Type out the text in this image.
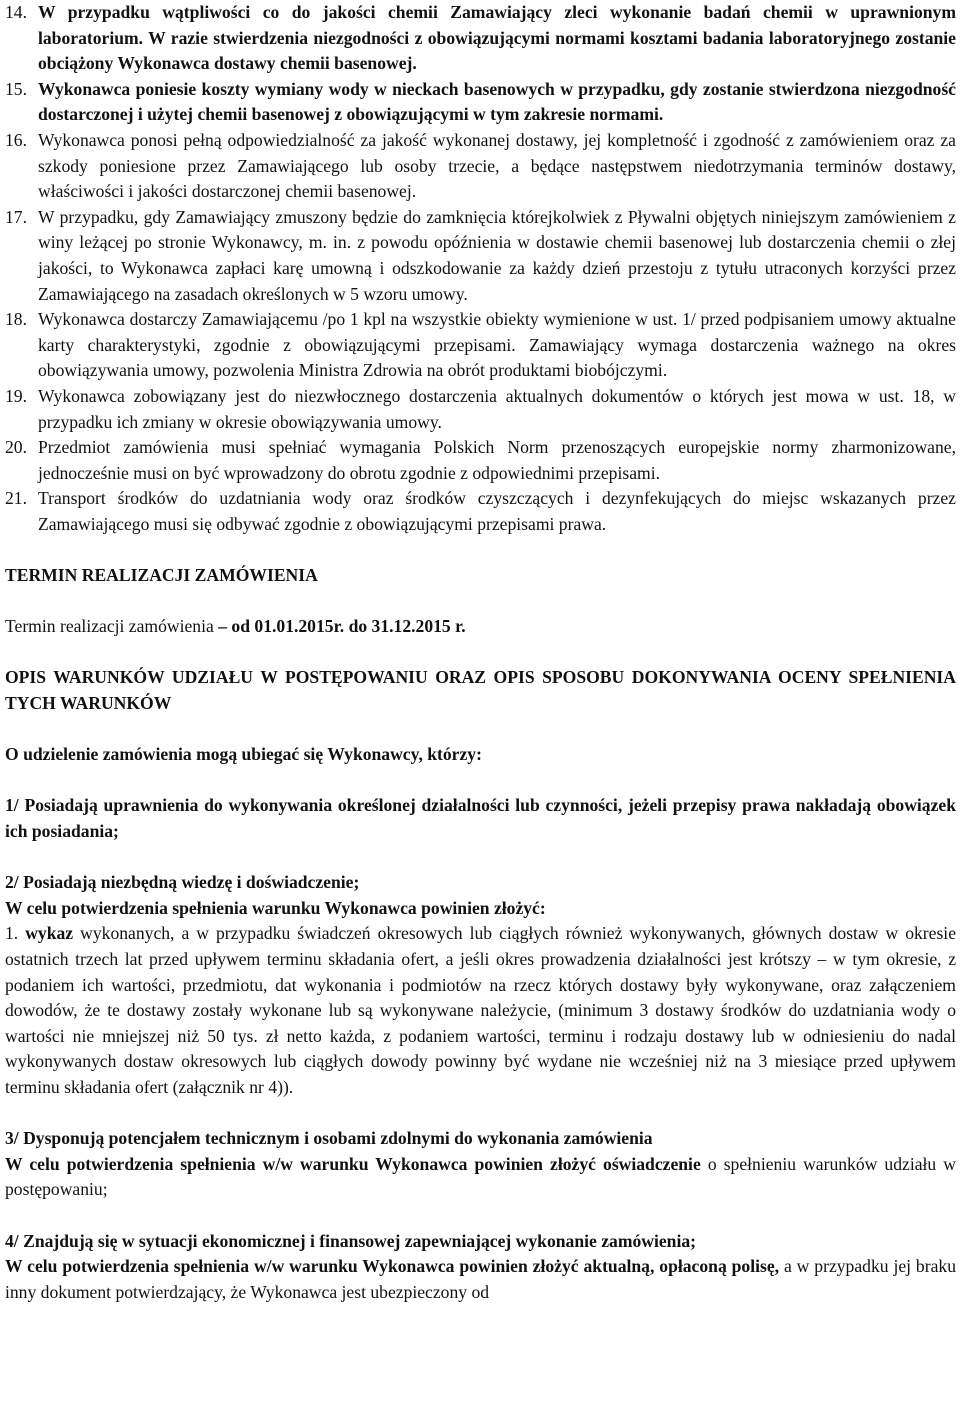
14. W przypadku wątpliwości co do jakości chemii Zamawiający zleci wykonanie badań chemii w uprawnionym laboratorium. W razie stwierdzenia niezgodności z obowiązującymi normami kosztami badania laboratoryjnego zostanie obciążony Wykonawca dostawy chemii basenowej.
15. Wykonawca poniesie koszty wymiany wody w nieckach basenowych w przypadku, gdy zostanie stwierdzona niezgodność dostarczonej i użytej chemii basenowej z obowiązującymi w tym zakresie normami.
16. Wykonawca ponosi pełną odpowiedzialność za jakość wykonanej dostawy, jej kompletność i zgodność z zamówieniem oraz za szkody poniesione przez Zamawiającego lub osoby trzecie, a będące następstwem niedotrzymania terminów dostawy, właściwości i jakości dostarczonej chemii basenowej.
17. W przypadku, gdy Zamawiający zmuszony będzie do zamknięcia którejkolwiek z Pływalni objętych niniejszym zamówieniem z winy leżącej po stronie Wykonawcy, m. in. z powodu opóźnienia w dostawie chemii basenowej lub dostarczenia chemii o złej jakości, to Wykonawca zapłaci karę umowną i odszkodowanie za każdy dzień przestoju z tytułu utraconych korzyści przez Zamawiającego na zasadach określonych w 5 wzoru umowy.
18. Wykonawca dostarczy Zamawiającemu /po 1 kpl na wszystkie obiekty wymienione w ust. 1/ przed podpisaniem umowy aktualne karty charakterystyki, zgodnie z obowiązującymi przepisami. Zamawiający wymaga dostarczenia ważnego na okres obowiązywania umowy, pozwolenia Ministra Zdrowia na obrót produktami biobójczymi.
19. Wykonawca zobowiązany jest do niezwłocznego dostarczenia aktualnych dokumentów o których jest mowa w ust. 18, w przypadku ich zmiany w okresie obowiązywania umowy.
20. Przedmiot zamówienia musi spełniać wymagania Polskich Norm przenoszących europejskie normy zharmonizowane, jednocześnie musi on być wprowadzony do obrotu zgodnie z odpowiednimi przepisami.
21. Transport środków do uzdatniania wody oraz środków czyszczących i dezynfekujących do miejsc wskazanych przez Zamawiającego musi się odbywać zgodnie z obowiązującymi przepisami prawa.

TERMIN REALIZACJI ZAMÓWIENIA

Termin realizacji zamówienia – od 01.01.2015r. do 31.12.2015 r.

OPIS WARUNKÓW UDZIAŁU W POSTĘPOWANIU ORAZ OPIS SPOSOBU DOKONYWANIA OCENY SPEŁNIENIA TYCH WARUNKÓW

O udzielenie zamówienia mogą ubiegać się Wykonawcy, którzy:

1/ Posiadają uprawnienia do wykonywania określonej działalności lub czynności, jeżeli przepisy prawa nakładają obowiązek ich posiadania;

2/ Posiadają niezbędną wiedzę i doświadczenie;

W celu potwierdzenia spełnienia warunku Wykonawca powinien złożyć:

1. wykaz wykonanych, a w przypadku świadczeń okresowych lub ciągłych również wykonywanych, głównych dostaw w okresie ostatnich trzech lat przed upływem terminu składania ofert, a jeśli okres prowadzenia działalności jest krótszy – w tym okresie, z podaniem ich wartości, przedmiotu, dat wykonania i podmiotów na rzecz których dostawy były wykonywane, oraz załączeniem dowodów, że te dostawy zostały wykonane lub są wykonywane należycie, (minimum 3 dostawy środków do uzdatniania wody o wartości nie mniejszej niż 50 tys. zł netto każda, z podaniem wartości, terminu i rodzaju dostawy lub w odniesieniu do nadal wykonywanych dostaw okresowych lub ciągłych dowody powinny być wydane nie wcześniej niż na 3 miesiące przed upływem terminu składania ofert (załącznik nr 4)).

3/ Dysponują potencjałem technicznym i osobami zdolnymi do wykonania zamówienia

W celu potwierdzenia spełnienia w/w warunku Wykonawca powinien złożyć oświadczenie o spełnieniu warunków udziału w postępowaniu;

4/ Znajdują się w sytuacji ekonomicznej i finansowej zapewniającej wykonanie zamówienia;

W celu potwierdzenia spełnienia w/w warunku Wykonawca powinien złożyć aktualną, opłaconą polisę, a w przypadku jej braku inny dokument potwierdzający, że Wykonawca jest ubezpieczony od
